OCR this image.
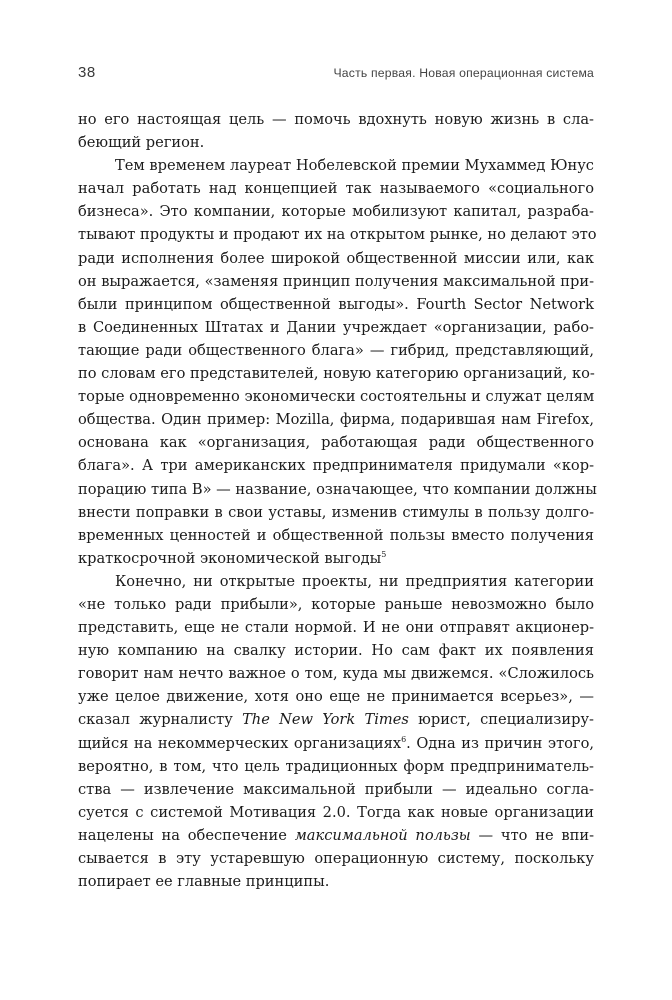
38	Часть первая. Новая операционная система
но его настоящая цель — помочь вдохнуть новую жизнь в сла-
беющий регион.
Тем временем лауреат Нобелевской премии Мухаммед Юнус
начал работать над концепцией так называемого «социального
бизнеса». Это компании, которые мобилизуют капитал, разраба-
тывают продукты и продают их на открытом рынке, но делают это
ради исполнения более широкой общественной миссии или, как
он выражается, «заменяя принцип получения максимальной при-
были принципом общественной выгоды». Fourth Sector Network
в Соединенных Штатах и Дании учреждает «организации, рабо-
тающие ради общественного блага» — гибрид, представляющий,
по словам его представителей, новую категорию организаций, ко-
торые одновременно экономически состоятельны и служат целям
общества. Один пример: Mozilla, фирма, подарившая нам Firefox,
основана как «организация, работающая ради общественного
блага». А три американских предпринимателя придумали «кор-
порацию типа B» — название, означающее, что компании должны
внести поправки в свои уставы, изменив стимулы в пользу долго-
временных ценностей и общественной пользы вместо получения
краткосрочной экономической выгоды$^5$
Конечно, ни открытые проекты, ни предприятия категории
«не только ради прибыли», которые раньше невозможно было
представить, еще не стали нормой. И не они отправят акционер-
ную компанию на свалку истории. Но сам факт их появления
говорит нам нечто важное о том, куда мы движемся. «Сложилось
уже целое движение, хотя оно еще не принимается всерьез», —
сказал журналисту The New York Times юрист, специализиру-
щийся на некоммерческих организациях$^6$. Одна из причин этого,
вероятно, в том, что цель традиционных форм предприниматель-
ства — извлечение максимальной прибыли — идеально согла-
суется с системой Мотивация 2.0. Тогда как новые организации
нацелены на обеспечение максимальной пользы — что не впи-
сывается в эту устаревшую операционную систему, поскольку
попирает ее главные принципы.
